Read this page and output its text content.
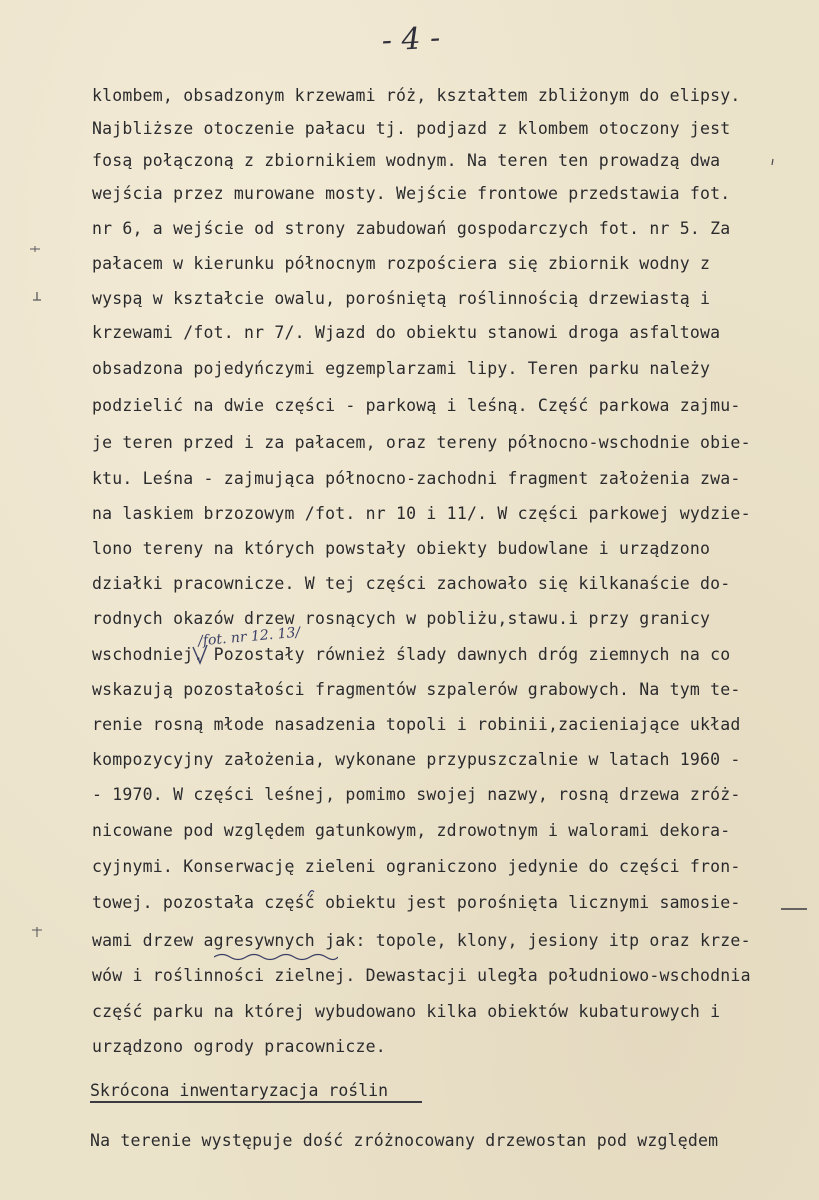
- 4 -
klombem, obsadzonym krzewami róż, kształtem zbliżonym do elipsy.
Najbliższe otoczenie pałacu tj. podjazd z klombem otoczony jest
fosą połączoną z zbiornikiem wodnym. Na teren ten prowadzą dwa
wejścia przez murowane mosty. Wejście frontowe przedstawia fot.
nr 6, a wejście od strony zabudowań gospodarczych fot. nr 5. Za
pałacem w kierunku północnym rozpościera się zbiornik wodny z
wyspą w kształcie owalu, porośniętą roślinnością drzewiastą i
krzewami /fot. nr 7/. Wjazd do obiektu stanowi droga asfaltowa
obsadzona pojedyńczymi egzemplarzami lipy. Teren parku należy
podzielić na dwie części - parkową i leśną. Część parkowa zajmu-
je teren przed i za pałacem, oraz tereny północno-wschodnie obie-
ktu. Leśna - zajmująca północno-zachodni fragment założenia zwa-
na laskiem brzozowym /fot. nr 10 i 11/. W części parkowej wydzie-
lono tereny na których powstały obiekty budowlane i urządzono
działki pracownicze. W tej części zachowało się kilkanaście do-
rodnych okazów drzew rosnących w pobliżu,stawu.i przy granicy
wschodniej. Pozostały również ślady dawnych dróg ziemnych na co
wskazują pozostałości fragmentów szpalerów grabowych. Na tym te-
renie rosną młode nasadzenia topoli i robinii,zacieniające układ
kompozycyjny założenia, wykonane przypuszczalnie w latach 1960 -
- 1970. W części leśnej, pomimo swojej nazwy, rosną drzewa zróż-
nicowane pod względem gatunkowym, zdrowotnym i walorami dekora-
cyjnymi. Konserwację zieleni ograniczono jedynie do części fron-
towej. pozostała część obiektu jest porośnięta licznymi samosie-
wami drzew agresywnych jak: topole, klony, jesiony itp oraz krze-
wów i roślinności zielnej. Dewastacji uległa południowo-wschodnia
część parku na której wybudowano kilka obiektów kubaturowych i
urządzono ogrody pracownicze.
/fot. nr 12. 13/
Skrócona inwentaryzacja roślin
Na terenie występuje dość zróżnocowany drzewostan pod względem
